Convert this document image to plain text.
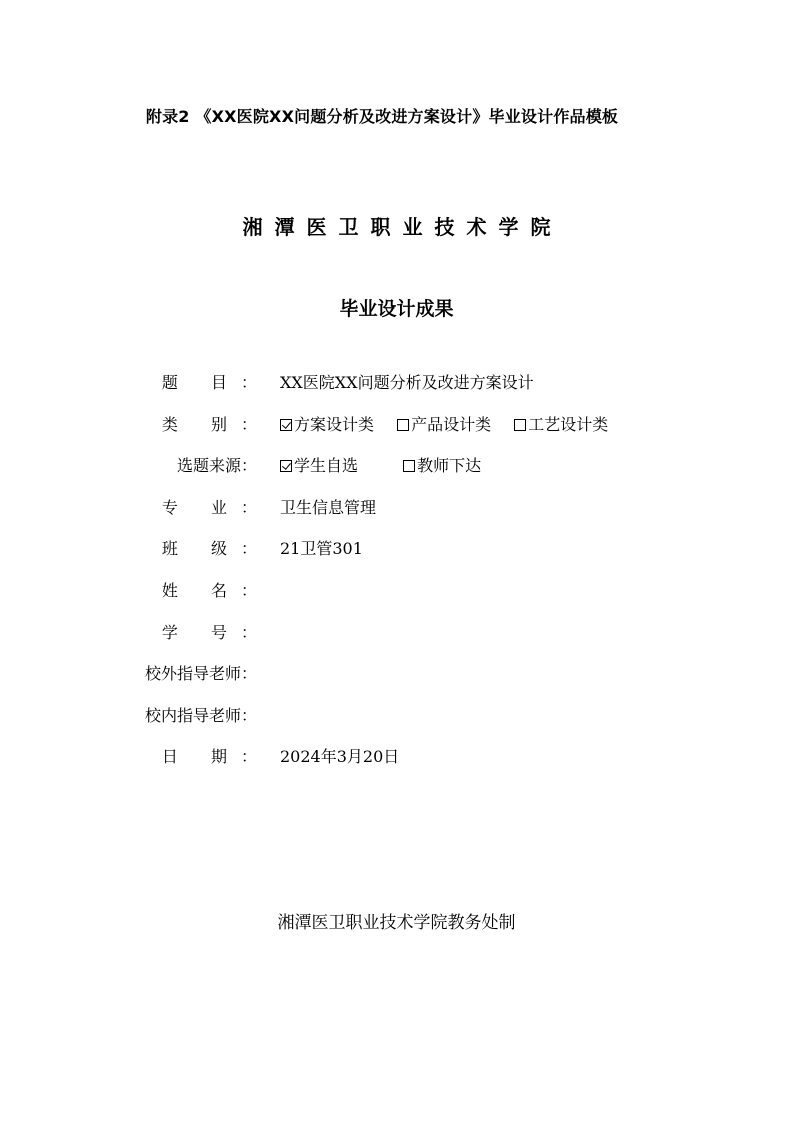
附录2 《XX医院XX问题分析及改进方案设计》毕业设计作品模板
湘潭医卫职业技术学院
毕业设计成果
题 目： XX医院XX问题分析及改进方案设计
类 别：	方案设计类 产品设计类 工艺设计类
选题来源：	学生自选	教师下达
专 业： 卫生信息管理
班 级： 21卫管301
姓 名：
学 号：
校外指导老师：
校内指导老师：
日 期： 2024年3月20日
湘潭医卫职业技术学院教务处制
